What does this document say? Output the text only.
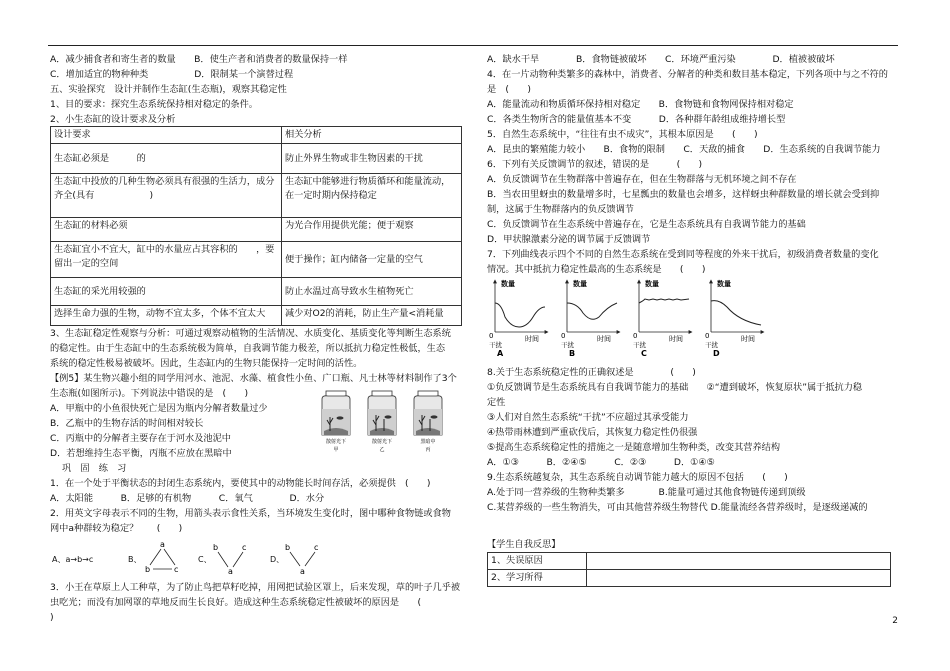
A．减少捕食者和寄生者的数量　　B．使生产者和消费者的数量保持一样
C．增加适宜的物种种类　　　　　D．限制某一个演替过程
五、实验探究　设计并制作生态缸(生态瓶)，观察其稳定性
1、目的要求：探究生态系统保持相对稳定的条件。
2、小生态缸的设计要求及分析
设计要求	相关分析
生态缸必须是　　　的	防止外界生物或非生物因素的干扰
生态缸中投放的几种生物必须具有很强的生活力，成分齐全(具有　　　　　　)	生态缸中能够进行物质循环和能量流动，在一定时期内保持稳定
生态缸的材料必须	为光合作用提供光能；便于观察
生态缸宜小不宜大，缸中的水量应占其容积的　　，要留出一定的空间	便于操作；缸内储备一定量的空气
生态缸的采光用较强的　　　　　　	防止水温过高导致水生植物死亡
选择生命力强的生物，动物不宜太多，个体不宜太大	减少对O2的消耗，防止生产量<消耗量
3、生态缸稳定性观察与分析：可通过观察动植物的生活情况、水质变化、基质变化等判断生态系统
的稳定性。由于生态缸中的生态系统极为简单，自我调节能力极差，所以抵抗力稳定性极低，生态
系统的稳定性极易被破坏。因此，生态缸内的生物只能保持一定时间的活性。
【例5】某生物兴趣小组的同学用河水、池泥、水藻、植食性小鱼、广口瓶、凡士林等材料制作了3个
生态瓶(如图所示)。下列说法中错误的是　(　　)
A．甲瓶中的小鱼很快死亡是因为瓶内分解者数量过少
B．乙瓶中的生物存活的时间相对较长
C．丙瓶中的分解者主要存在于河水及池泥中
D．若想维持生态平衡，丙瓶不应放在黑暗中
散射光下	散射光下	黑暗中
甲	乙	丙
巩　固　练　习
1．在一个处于平衡状态的封闭生态系统内，要使其中的动物能长时间存活，必须提供　(　　)
A．太阳能　　　B．足够的有机物　　　C．氧气　　　　D．水分
2．用英文字母表示不同的生物，用箭头表示食性关系，当环境发生变化时，图中哪种食物链或食物
网中a种群较为稳定？　　(　　)
A、a→b→c	B、
a
b	c
C、
b	c
a
D、
b	c
a
3．小王在草原上人工种草，为了防止鸟把草籽吃掉，用网把试验区罩上，后来发现，草的叶子几乎被
虫吃光；而没有加网罩的草地反而生长良好。造成这种生态系统稳定性被破坏的原因是　　(
)
A．缺水干旱　　　　B．食物链被破坏　　C．环境严重污染　　　　D．植被被破坏
4．在一片动物种类繁多的森林中，消费者、分解者的种类和数目基本稳定，下列各项中与之不符的
是　(　　)
A．能量流动和物质循环保持相对稳定　　B．食物链和食物网保持相对稳定
C．各类生物所含的能量值基本不变　　　D．各种群年龄组成维持增长型
5．自然生态系统中，“往往有虫不成灾”，其根本原因是　　(　　)
A．昆虫的繁殖能力较小　　B．食物的限制　　C．天敌的捕食　　D．生态系统的自我调节能力
6．下列有关反馈调节的叙述，错误的是　　　(　　)
A．负反馈调节在生物群落中普遍存在，但在生物群落与无机环境之间不存在
B．当农田里蚜虫的数量增多时，七星瓢虫的数量也会增多，这样蚜虫种群数量的增长就会受到抑
制，这属于生物群落内的负反馈调节
C．负反馈调节在生态系统中普遍存在，它是生态系统具有自我调节能力的基础
D．甲状腺激素分泌的调节属于反馈调节
7．下列曲线表示四个不同的自然生态系统在受到同等程度的外来干扰后，初级消费者数量的变化
情况。其中抵抗力稳定性最高的生态系统是　　(　　)
数量
时间
0
干扰
A
数量
时间
0
干扰
B
数量
时间
0
干扰
C
数量
时间
0
干扰
D
8.关于生态系统稳定性的正确叙述是　　　　(　　)
①负反馈调节是生态系统具有自我调节能力的基础　　②“遭到破坏，恢复原状”属于抵抗力稳
定性
③人们对自然生态系统“干扰”不应超过其承受能力
④热带雨林遭到严重砍伐后，其恢复力稳定性仍很强
⑤提高生态系统稳定性的措施之一是随意增加生物种类，改变其营养结构
A．①③　　　B．②④⑤　　　C．②③　　　D．①④⑤
9.生态系统越复杂，其生态系统自动调节能力越大的原因不包括　　(　　)
A.处于同一营养级的生物种类繁多	B.能量可通过其他食物链传递到顶级
C.某营养级的一些生物消失，可由其他营养级生物替代 D.能量流经各营养级时，是逐级递减的
【学生自我反思】
1、失误原因	
2、学习所得	
2
